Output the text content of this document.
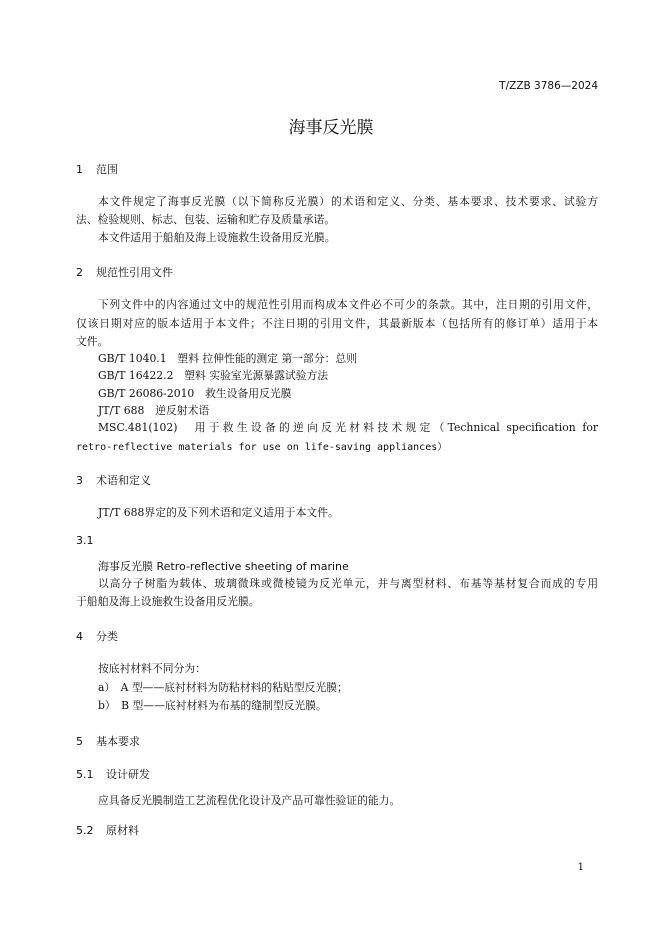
T/ZZB 3786—2024
海事反光膜
1 范围
本文件规定了海事反光膜（以下简称反光膜）的术语和定义、分类、基本要求、技术要求、试验方
法、检验规则、标志、包装、运输和贮存及质量承诺。
本文件适用于船舶及海上设施救生设备用反光膜。
2 规范性引用文件
下列文件中的内容通过文中的规范性引用而构成本文件必不可少的条款。其中，注日期的引用文件，
仅该日期对应的版本适用于本文件；不注日期的引用文件，其最新版本（包括所有的修订单）适用于本
文件。
GB/T 1040.1　塑料 拉伸性能的测定 第一部分：总则
GB/T 16422.2　塑料 实验室光源暴露试验方法
GB/T 26086-2010　救生设备用反光膜
JT/T 688　逆反射术语
MSC.481(102)　用于救生设备的逆向反光材料技术规定（Technical specification for
retro-reflective materials for use on life-saving appliances）
3 术语和定义
JT/T 688界定的及下列术语和定义适用于本文件。
3.1
海事反光膜 Retro-reflective sheeting of marine
以高分子树脂为载体、玻璃微珠或微棱镜为反光单元，并与离型材料、布基等基材复合而成的专用
于船舶及海上设施救生设备用反光膜。
4 分类
按底衬材料不同分为：
a）　A 型——底衬材料为防粘材料的粘贴型反光膜；
b）　B 型——底衬材料为布基的缝制型反光膜。
5 基本要求
5.1 设计研发
应具备反光膜制造工艺流程优化设计及产品可靠性验证的能力。
5.2 原材料
1
